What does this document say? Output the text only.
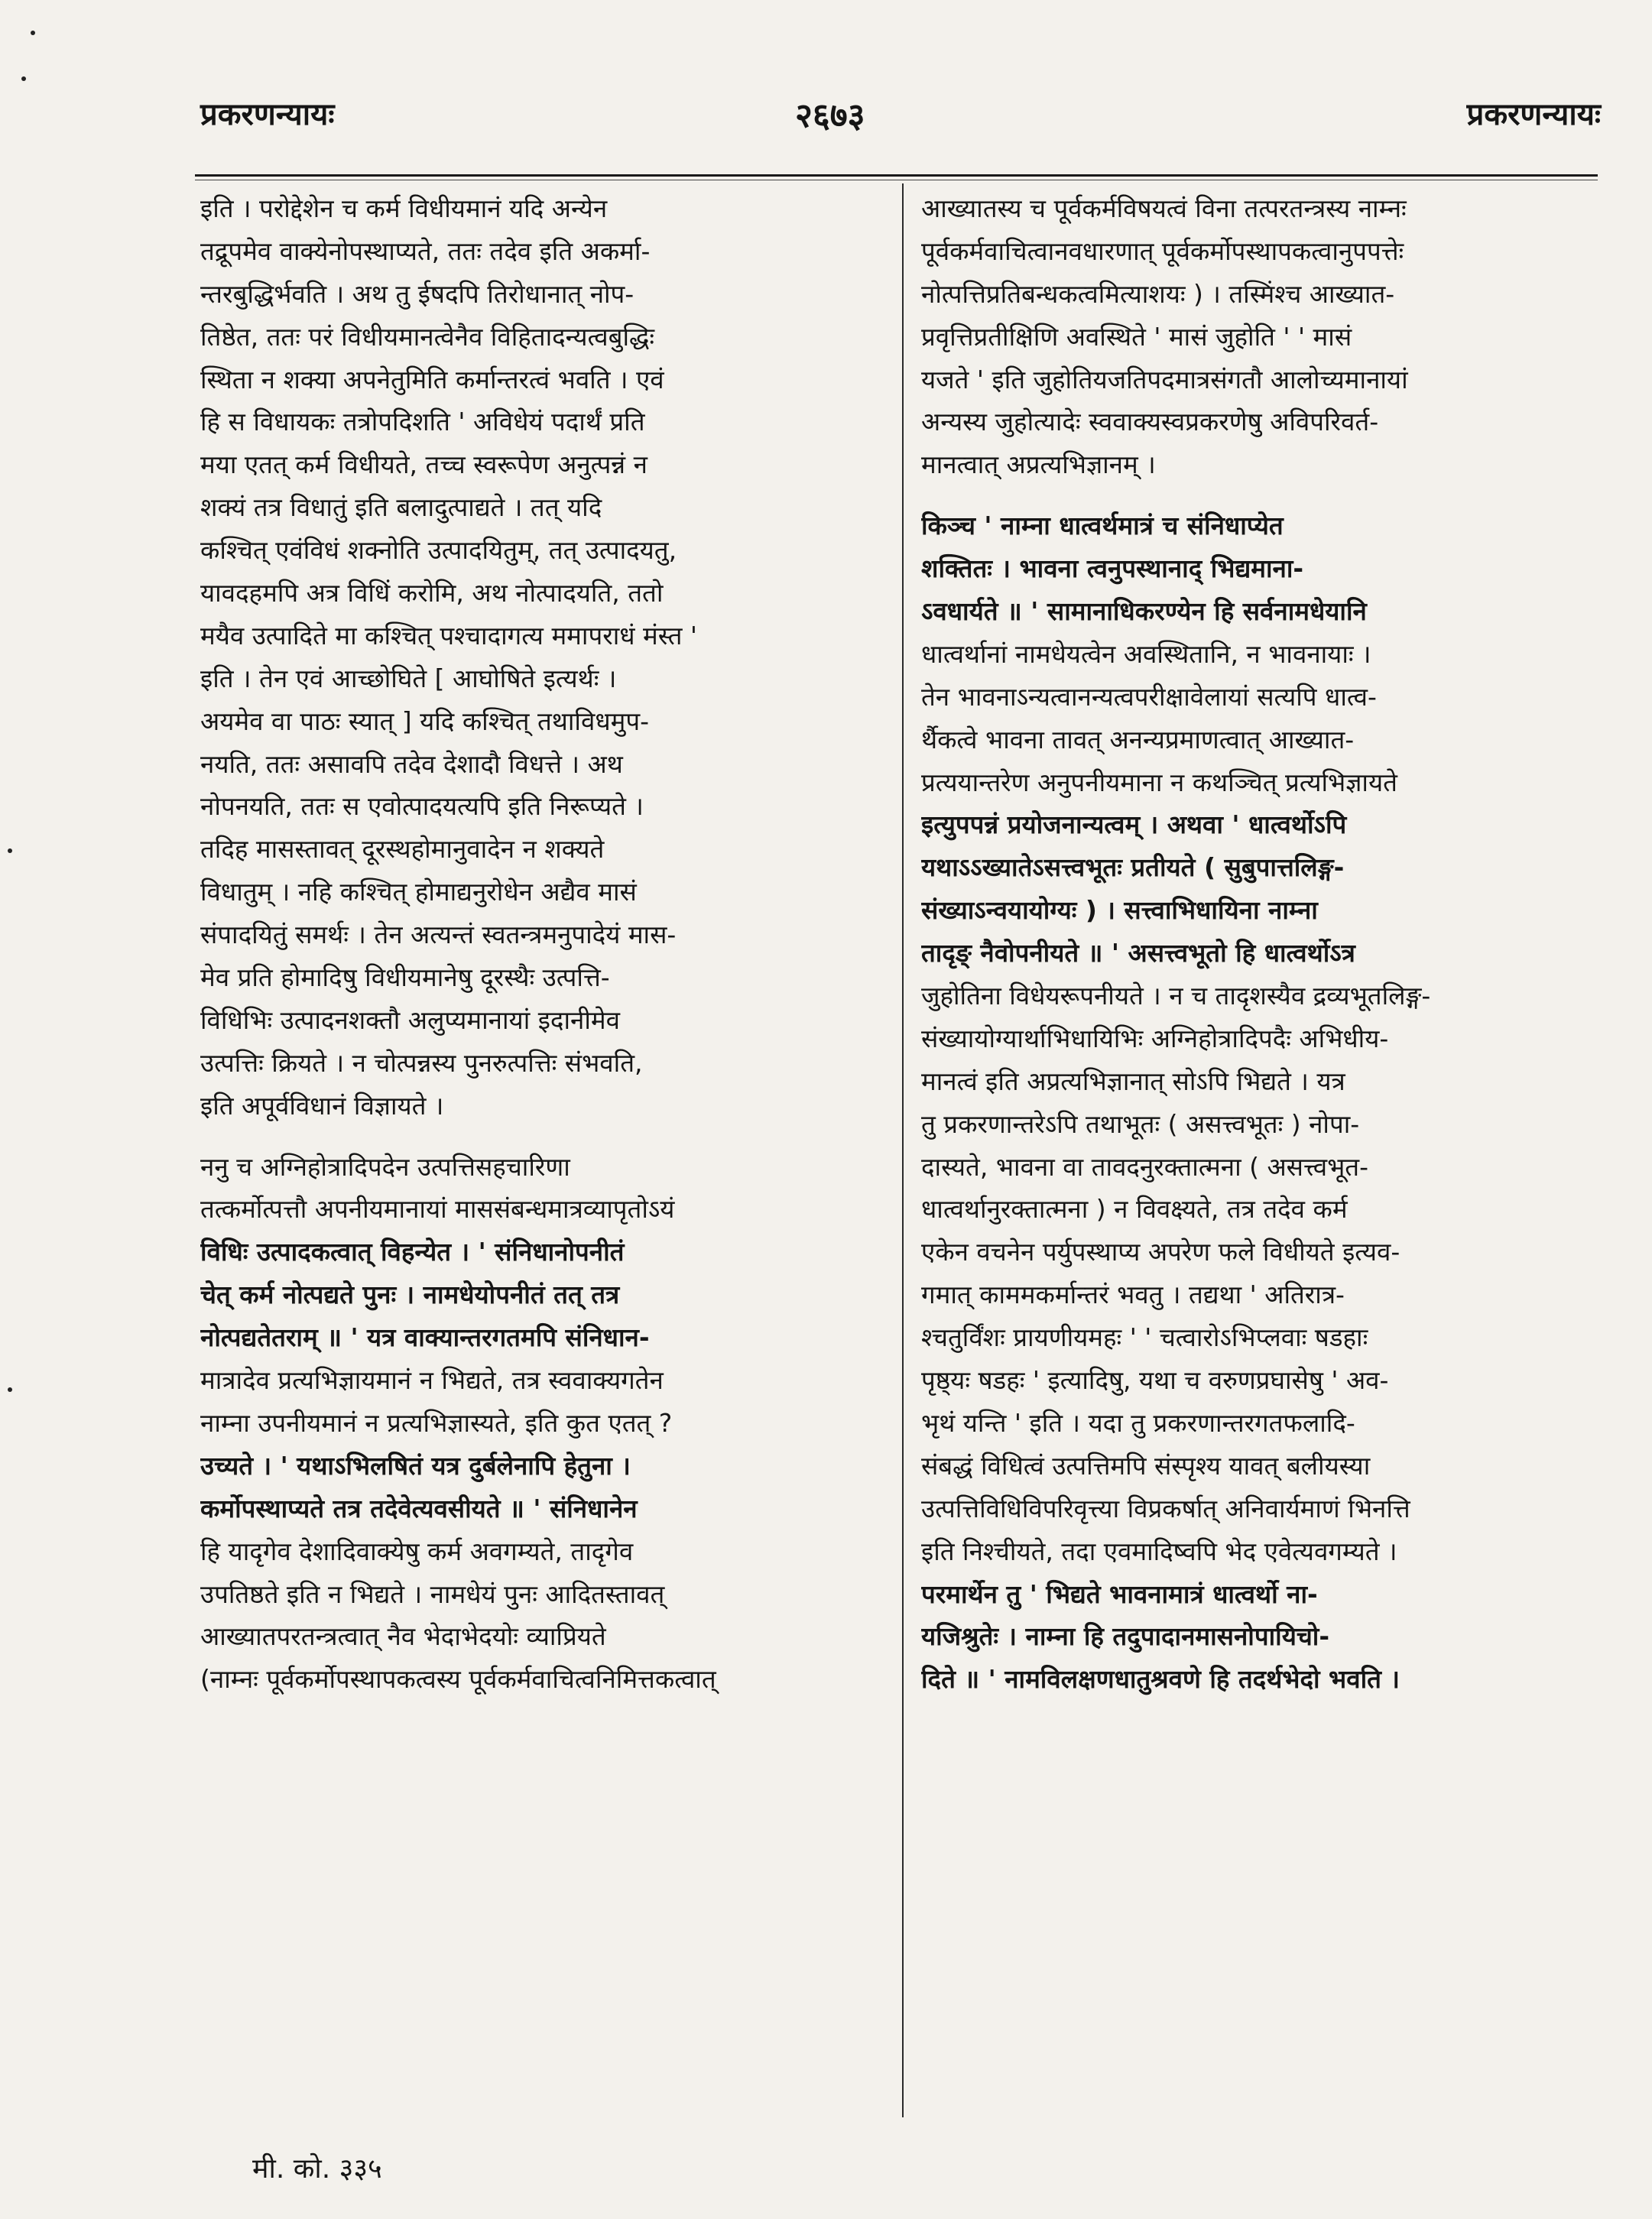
प्रकरणन्यायः	२६७३	प्रकरणन्यायः
इति । परोद्देशेन च कर्म विधीयमानं यदि अन्येन
तद्रूपमेव वाक्येनोपस्थाप्यते, ततः तदेव इति अकर्मा-
न्तरबुद्धिर्भवति । अथ तु ईषदपि तिरोधानात् नोप-
तिष्ठेत, ततः परं विधीयमानत्वेनैव विहितादन्यत्वबुद्धिः
स्थिता न शक्या अपनेतुमिति कर्मान्तरत्वं भवति । एवं
हि स विधायकः तत्रोपदिशति ' अविधेयं पदार्थं प्रति
मया एतत् कर्म विधीयते, तच्च स्वरूपेण अनुत्पन्नं न
शक्यं तत्र विधातुं इति बलादुत्पाद्यते । तत् यदि
कश्चित् एवंविधं शक्नोति उत्पादयितुम्, तत् उत्पादयतु,
यावदहमपि अत्र विधिं करोमि, अथ नोत्पादयति, ततो
मयैव उत्पादिते मा कश्चित् पश्चादागत्य ममापराधं मंस्त '
इति । तेन एवं आच्छोघिते [ आघोषिते इत्यर्थः ।
अयमेव वा पाठः स्यात् ] यदि कश्चित् तथाविधमुप-
नयति, ततः असावपि तदेव देशादौ विधत्ते । अथ
नोपनयति, ततः स एवोत्पादयत्यपि इति निरूप्यते ।
तदिह मासस्तावत् दूरस्थहोमानुवादेन न शक्यते
विधातुम् । नहि कश्चित् होमाद्यनुरोधेन अद्यैव मासं
संपादयितुं समर्थः । तेन अत्यन्तं स्वतन्त्रमनुपादेयं मास-
मेव प्रति होमादिषु विधीयमानेषु दूरस्थैः उत्पत्ति-
विधिभिः उत्पादनशक्तौ अलुप्यमानायां इदानीमेव
उत्पत्तिः क्रियते । न चोत्पन्नस्य पुनरुत्पत्तिः संभवति,
इति अपूर्वविधानं विज्ञायते ।
ननु च अग्निहोत्रादिपदेन उत्पत्तिसहचारिणा
तत्कर्मोत्पत्तौ अपनीयमानायां माससंबन्धमात्रव्यापृतोऽयं
विधिः उत्पादकत्वात् विहन्येत । ' संनिधानोपनीतं
चेत् कर्म नोत्पद्यते पुनः । नामधेयोपनीतं तत् तत्र
नोत्पद्यतेतराम् ॥ ' यत्र वाक्यान्तरगतमपि संनिधान-
मात्रादेव प्रत्यभिज्ञायमानं न भिद्यते, तत्र स्ववाक्यगतेन
नाम्ना उपनीयमानं न प्रत्यभिज्ञास्यते, इति कुत एतत् ?
उच्यते । ' यथाऽभिलषितं यत्र दुर्बलेनापि हेतुना ।
कर्मोपस्थाप्यते तत्र तदेवेत्यवसीयते ॥ ' संनिधानेन
हि यादृगेव देशादिवाक्येषु कर्म अवगम्यते, तादृगेव
उपतिष्ठते इति न भिद्यते । नामधेयं पुनः आदितस्तावत्
आख्यातपरतन्त्रत्वात् नैव भेदाभेदयोः व्याप्रियते
(नाम्नः पूर्वकर्मोपस्थापकत्वस्य पूर्वकर्मवाचित्वनिमित्तकत्वात्
आख्यातस्य च पूर्वकर्मविषयत्वं विना तत्परतन्त्रस्य नाम्नः
पूर्वकर्मवाचित्वानवधारणात् पूर्वकर्मोपस्थापकत्वानुपपत्तेः
नोत्पत्तिप्रतिबन्धकत्वमित्याशयः ) । तस्मिंश्च आख्यात-
प्रवृत्तिप्रतीक्षिणि अवस्थिते ' मासं जुहोति ' ' मासं
यजते ' इति जुहोतियजतिपदमात्रसंगतौ आलोच्यमानायां
अन्यस्य जुहोत्यादेः स्ववाक्यस्वप्रकरणेषु अविपरिवर्त-
मानत्वात् अप्रत्यभिज्ञानम् ।
किञ्च ' नाम्ना धात्वर्थमात्रं च संनिधाप्येत
शक्तितः । भावना त्वनुपस्थानाद् भिद्यमाना-
ऽवधार्यते ॥ ' सामानाधिकरण्येन हि सर्वनामधेयानि
धात्वर्थानां नामधेयत्वेन अवस्थितानि, न भावनायाः ।
तेन भावनाऽन्यत्वानन्यत्वपरीक्षावेलायां सत्यपि धात्व-
र्थैकत्वे भावना तावत् अनन्यप्रमाणत्वात् आख्यात-
प्रत्ययान्तरेण अनुपनीयमाना न कथञ्चित् प्रत्यभिज्ञायते
इत्युपपन्नं प्रयोजनान्यत्वम् । अथवा ' धात्वर्थोऽपि
यथाऽऽख्यातेऽसत्त्वभूतः प्रतीयते ( सुबुपात्तलिङ्ग-
संख्याऽन्वयायोग्यः ) । सत्त्वाभिधायिना नाम्ना
तादृङ् नैवोपनीयते ॥ ' असत्त्वभूतो हि धात्वर्थोऽत्र
जुहोतिना विधेयरूपनीयते । न च तादृशस्यैव द्रव्यभूतलिङ्ग-
संख्यायोग्यार्थाभिधायिभिः अग्निहोत्रादिपदैः अभिधीय-
मानत्वं इति अप्रत्यभिज्ञानात् सोऽपि भिद्यते । यत्र
तु प्रकरणान्तरेऽपि तथाभूतः ( असत्त्वभूतः ) नोपा-
दास्यते, भावना वा तावदनुरक्तात्मना ( असत्त्वभूत-
धात्वर्थानुरक्तात्मना ) न विवक्ष्यते, तत्र तदेव कर्म
एकेन वचनेन पर्युपस्थाप्य अपरेण फले विधीयते इत्यव-
गमात् काममकर्मान्तरं भवतु । तद्यथा ' अतिरात्र-
श्चतुर्विंशः प्रायणीयमहः ' ' चत्वारोऽभिप्लवाः षडहाः
पृष्ठ्यः षडहः ' इत्यादिषु, यथा च वरुणप्रघासेषु ' अव-
भृथं यन्ति ' इति । यदा तु प्रकरणान्तरगतफलादि-
संबद्धं विधित्वं उत्पत्तिमपि संस्पृश्य यावत् बलीयस्या
उत्पत्तिविधिविपरिवृत्त्या विप्रकर्षात् अनिवार्यमाणं भिनत्ति
इति निश्चीयते, तदा एवमादिष्वपि भेद एवेत्यवगम्यते ।
परमार्थेन तु ' भिद्यते भावनामात्रं धात्वर्थो ना-
यजिश्रुतेः । नाम्ना हि तदुपादानमासनोपायिचो-
दिते ॥ ' नामविलक्षणधातुश्रवणे हि तदर्थभेदो भवति ।
मी. को. ३३५
